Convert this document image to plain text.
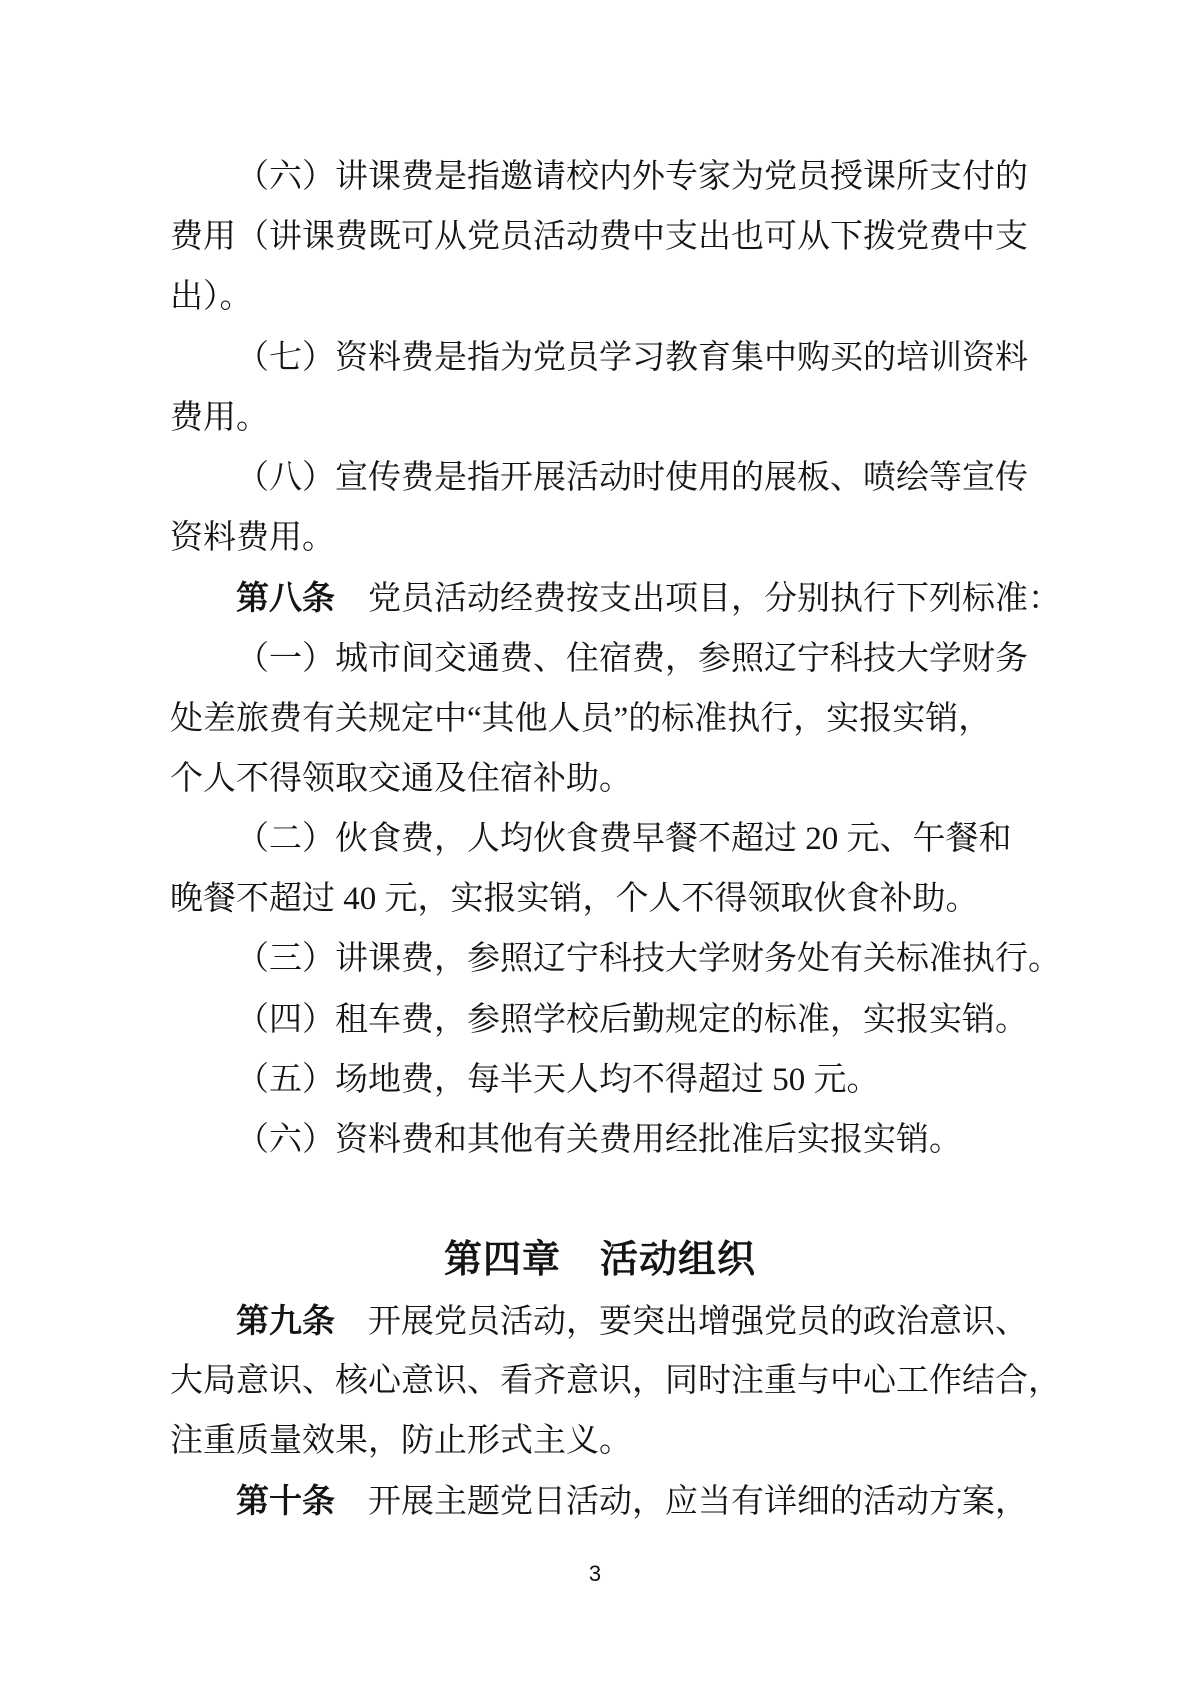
（六）讲课费是指邀请校内外专家为党员授课所支付的
费用（讲课费既可从党员活动费中支出也可从下拨党费中支
出）。
（七）资料费是指为党员学习教育集中购买的培训资料
费用。
（八）宣传费是指开展活动时使用的展板、喷绘等宣传
资料费用。
第八条 党员活动经费按支出项目，分别执行下列标准：
（一）城市间交通费、住宿费，参照辽宁科技大学财务
处差旅费有关规定中“其他人员”的标准执行，实报实销，
个人不得领取交通及住宿补助。
（二）伙食费，人均伙食费早餐不超过 20 元、午餐和
晚餐不超过 40 元，实报实销，个人不得领取伙食补助。
（三）讲课费，参照辽宁科技大学财务处有关标准执行。
（四）租车费，参照学校后勤规定的标准，实报实销。
（五）场地费，每半天人均不得超过 50 元。
（六）资料费和其他有关费用经批准后实报实销。
第四章　活动组织
第九条 开展党员活动，要突出增强党员的政治意识、
大局意识、核心意识、看齐意识，同时注重与中心工作结合，
注重质量效果，防止形式主义。
第十条 开展主题党日活动，应当有详细的活动方案，
3
